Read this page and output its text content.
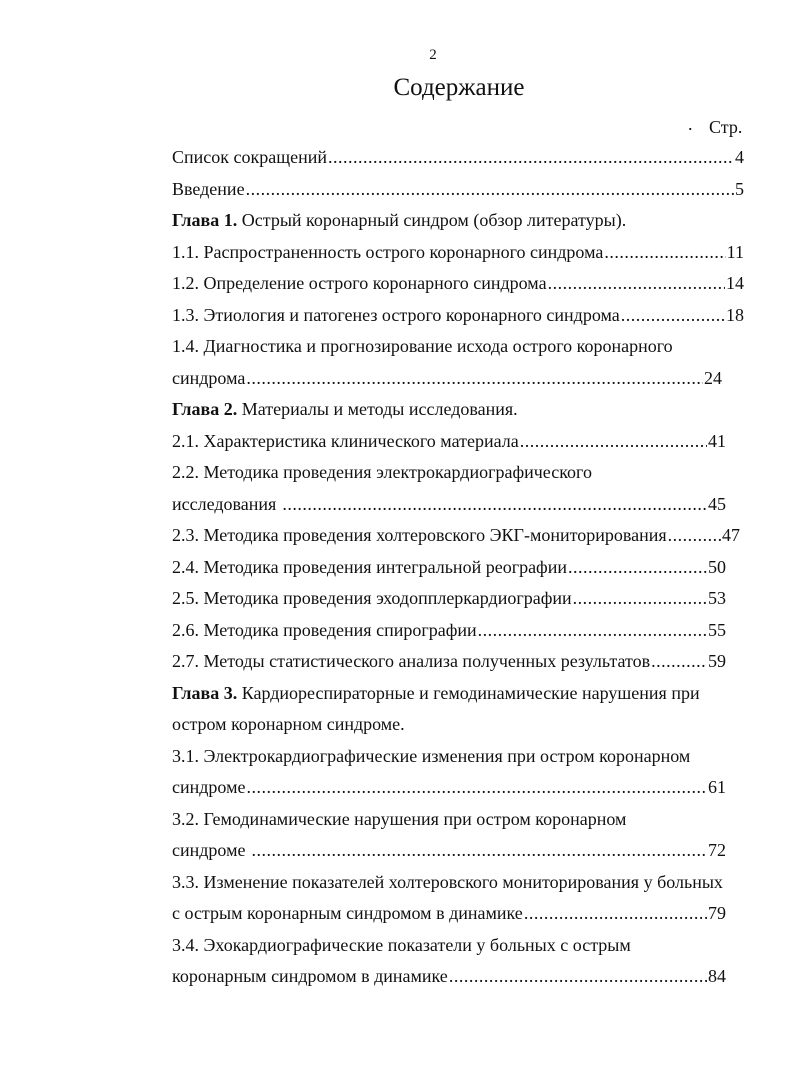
2
Содержание
. Стр.
Список сокращений .....	4
Введение .....	5
Глава 1. Острый коронарный синдром (обзор литературы).
1.1. Распространенность острого коронарного синдрома .....	11
1.2. Определение острого коронарного синдрома .....	14
1.3. Этиология и патогенез острого коронарного синдрома .....	18
1.4. Диагностика и прогнозирование исхода острого коронарного
синдрома .....	24
Глава 2. Материалы и методы исследования.
2.1. Характеристика клинического материала .....	41
2.2. Методика проведения электрокардиографического
исследования .....	45
2.3. Методика проведения холтеровского ЭКГ-мониторирования .....	47
2.4. Методика проведения интегральной реографии .....	50
2.5. Методика проведения эходопплеркардиографии .....	53
2.6. Методика проведения спирографии .....	55
2.7. Методы статистического анализа полученных результатов .....	59
Глава 3. Кардиореспираторные и гемодинамические нарушения при
остром коронарном синдроме.
3.1. Электрокардиографические изменения при остром коронарном
синдроме .....	61
3.2. Гемодинамические нарушения при остром коронарном
синдроме .....	72
3.3. Изменение показателей холтеровского мониторирования у больных
с острым коронарным синдромом в динамике .....	79
3.4. Эхокардиографические показатели у больных с острым
коронарным синдромом в динамике .....	84
